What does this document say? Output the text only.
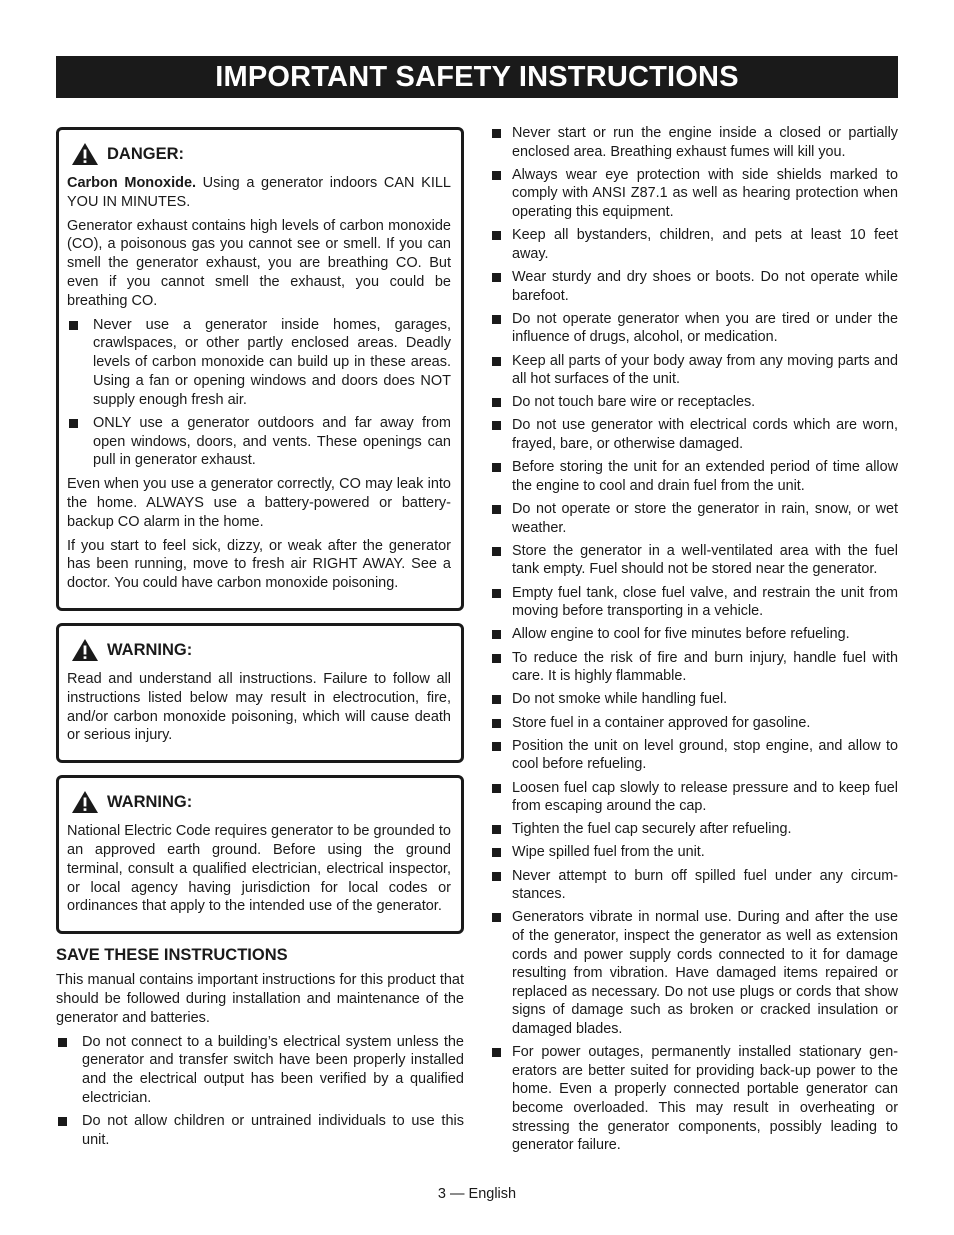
IMPORTANT SAFETY INSTRUCTIONS
DANGER:

Carbon Monoxide. Using a generator indoors CAN KILL YOU IN MINUTES.

Generator exhaust contains high levels of carbon monoxide (CO), a poisonous gas you cannot see or smell. If you can smell the generator exhaust, you are breathing CO. But even if you cannot smell the exhaust, you could be breathing CO.

Never use a generator inside homes, garages, crawlspaces, or other partly enclosed areas. Deadly levels of carbon monoxide can build up in these areas. Using a fan or opening windows and doors does NOT supply enough fresh air.
ONLY use a generator outdoors and far away from open windows, doors, and vents. These openings can pull in generator exhaust.

Even when you use a generator correctly, CO may leak into the home. ALWAYS use a battery-powered or battery-backup CO alarm in the home.

If you start to feel sick, dizzy, or weak after the generator has been running, move to fresh air RIGHT AWAY. See a doctor. You could have carbon monoxide poisoning.

WARNING:

Read and understand all instructions. Failure to follow all instructions listed below may result in electrocution, fire, and/or carbon monoxide poisoning, which will cause death or serious injury.

WARNING:

National Electric Code requires generator to be grounded to an approved earth ground. Before using the ground terminal, consult a qualified electrician, electrical inspector, or local agency having jurisdiction for local codes or ordinances that apply to the intended use of the generator.

SAVE THESE INSTRUCTIONS

This manual contains important instructions for this product that should be followed during installation and maintenance of the generator and batteries.

Do not connect to a building’s electrical system unless the generator and transfer switch have been properly installed and the electrical output has been verified by a qualified electrician.
Do not allow children or untrained individuals to use this unit.
Never start or run the engine inside a closed or partially enclosed area. Breathing exhaust fumes will kill you.
Always wear eye protection with side shields marked to comply with ANSI Z87.1 as well as hearing protection when operating this equipment.
Keep all bystanders, children, and pets at least 10 feet away.
Wear sturdy and dry shoes or boots. Do not operate while barefoot.
Do not operate generator when you are tired or under the influence of drugs, alcohol, or medication.
Keep all parts of your body away from any moving parts and all hot surfaces of the unit.
Do not touch bare wire or receptacles.
Do not use generator with electrical cords which are worn, frayed, bare, or otherwise damaged.
Before storing the unit for an extended period of time allow the engine to cool and drain fuel from the unit.
Do not operate or store the generator in rain, snow, or wet weather.
Store the generator in a well-ventilated area with the fuel tank empty. Fuel should not be stored near the generator.
Empty fuel tank, close fuel valve, and restrain the unit from moving before transporting in a vehicle.
Allow engine to cool for five minutes before refueling.
To reduce the risk of fire and burn injury, handle fuel with care. It is highly flammable.
Do not smoke while handling fuel.
Store fuel in a container approved for gasoline.
Position the unit on level ground, stop engine, and allow to cool before refueling.
Loosen fuel cap slowly to release pressure and to keep fuel from escaping around the cap.
Tighten the fuel cap securely after refueling.
Wipe spilled fuel from the unit.
Never attempt to burn off spilled fuel under any circum-stances.
Generators vibrate in normal use. During and after the use of the generator, inspect the generator as well as extension cords and power supply cords connected to it for damage resulting from vibration. Have damaged items repaired or replaced as necessary. Do not use plugs or cords that show signs of damage such as broken or cracked insulation or damaged blades.
For power outages, permanently installed stationary gen-erators are better suited for providing back-up power to the home. Even a properly connected portable generator can become overloaded. This may result in overheating or stressing the generator components, possibly leading to generator failure.
3 — English
